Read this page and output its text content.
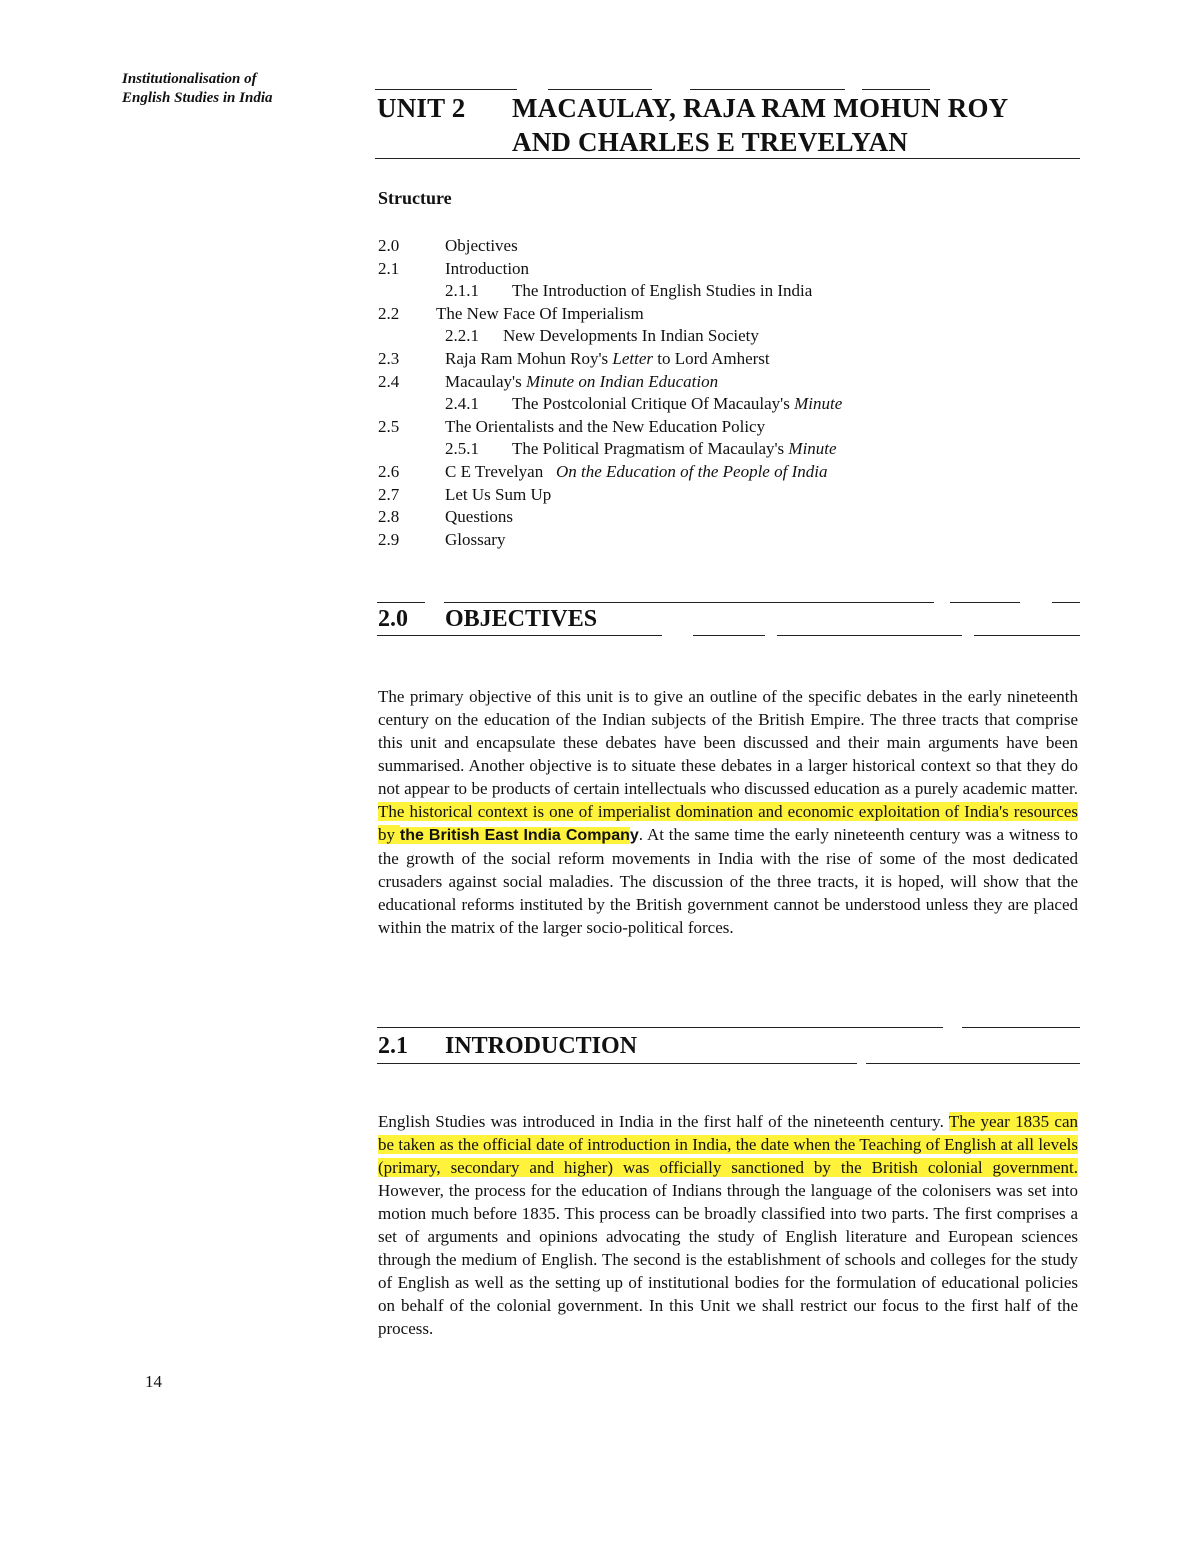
Institutionalisation of
English Studies in India	UNIT 2 MACAULAY, RAJA RAM MOHUN ROY
AND CHARLES E TREVELYAN
Structure
2.0	Objectives
2.1	Introduction
2.1.1 The Introduction of English Studies in India
2.2 The New Face Of Imperialism
2.2.1 New Developments In Indian Society
2.3	Raja Ram Mohun Roy's Letter to Lord Amherst
2.4	Macaulay's Minute on Indian Education
2.4.1 The Postcolonial Critique Of Macaulay's Minute
2.5	The Orientalists and the New Education Policy
2.5.1 The Political Pragmatism of Macaulay's Minute
2.6	C E Trevelyan   On the Education of the People of India
2.7	Let Us Sum Up
2.8	Questions
2.9	Glossary
2.0 OBJECTIVES
The primary objective of this unit is to give an outline of the specific debates in the early nineteenth century on the education of the Indian subjects of the British Empire. The three tracts that comprise this unit and encapsulate these debates have been discussed and their main arguments have been summarised. Another objective is to situate these debates in a larger historical context so that they do not appear to be products of certain intellectuals who discussed education as a purely academic matter. The historical context is one of imperialist domination and economic exploitation of India's resources by the British East India Company. At the same time the early nineteenth century was a witness to the growth of the social reform movements in India with the rise of some of the most dedicated crusaders against social maladies. The discussion of the three tracts, it is hoped, will show that the educational reforms instituted by the British government cannot be understood unless they are placed within the matrix of the larger socio-political forces.
2.1 INTRODUCTION
English Studies was introduced in India in the first half of the nineteenth century. The year 1835 can be taken as the official date of introduction in India, the date when the Teaching of English at all levels (primary, secondary and higher) was officially sanctioned by the British colonial government. However, the process for the education of Indians through the language of the colonisers was set into motion much before 1835. This process can be broadly classified into two parts. The first comprises a set of arguments and opinions advocating the study of English literature and European sciences through the medium of English. The second is the establishment of schools and colleges for the study of English as well as the setting up of institutional bodies for the formulation of educational policies on behalf of the colonial government. In this Unit we shall restrict our focus to the first half of the process.
14
